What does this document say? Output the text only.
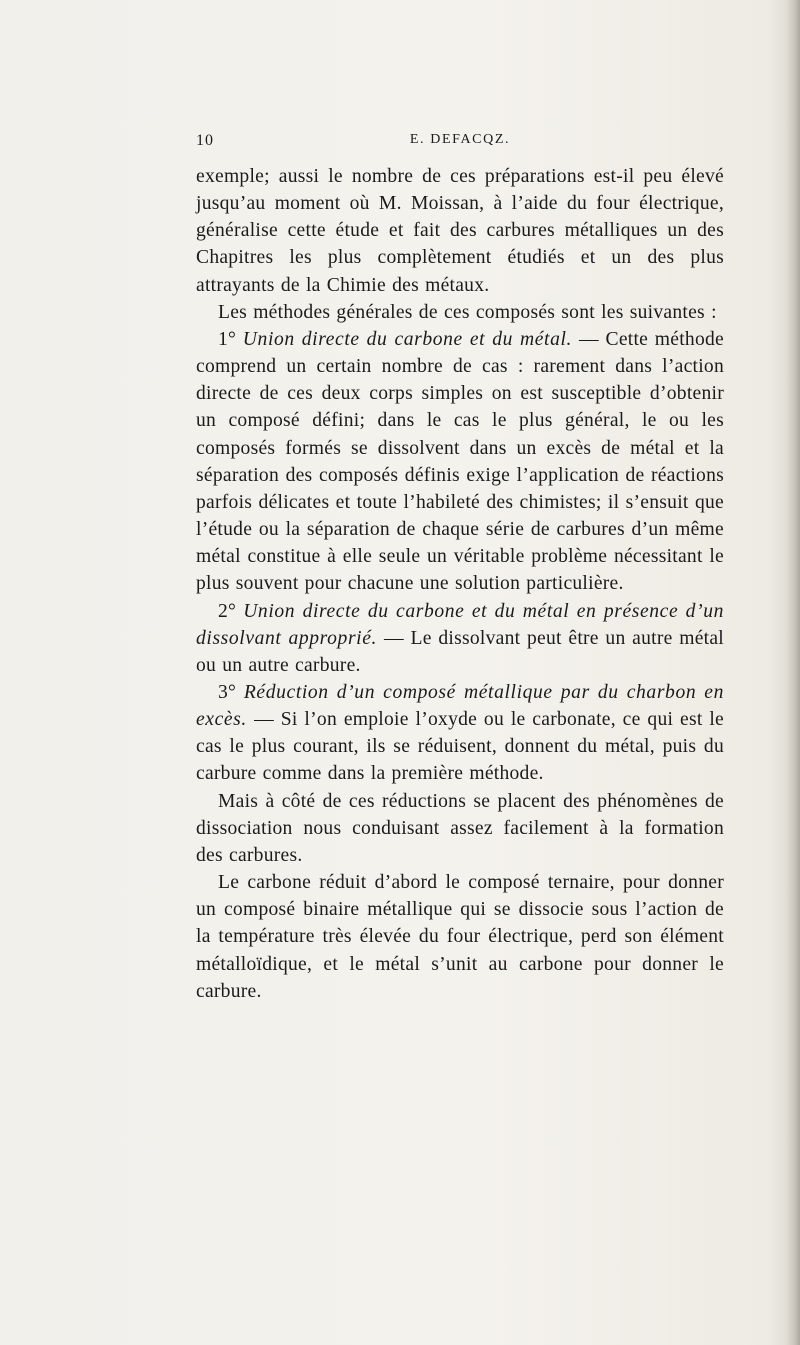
10	E. DEFACQZ.

exemple; aussi le nombre de ces préparations est-il peu élevé jusqu’au moment où M. Moissan, à l’aide du four électrique, généralise cette étude et fait des carbures métalliques un des Chapitres les plus complètement étudiés et un des plus attrayants de la Chimie des métaux.

Les méthodes générales de ces composés sont les suivantes :

1° Union directe du carbone et du métal. — Cette méthode comprend un certain nombre de cas : rarement dans l’action directe de ces deux corps simples on est susceptible d’obtenir un composé défini; dans le cas le plus général, le ou les composés formés se dissolvent dans un excès de métal et la séparation des composés définis exige l’application de réactions parfois délicates et toute l’habileté des chimistes; il s’ensuit que l’étude ou la séparation de chaque série de carbures d’un même métal constitue à elle seule un véritable problème nécessitant le plus souvent pour chacune une solution particulière.

2° Union directe du carbone et du métal en présence d’un dissolvant approprié. — Le dissolvant peut être un autre métal ou un autre carbure.

3° Réduction d’un composé métallique par du charbon en excès. — Si l’on emploie l’oxyde ou le carbonate, ce qui est le cas le plus courant, ils se réduisent, donnent du métal, puis du carbure comme dans la première méthode.

Mais à côté de ces réductions se placent des phénomènes de dissociation nous conduisant assez facilement à la formation des carbures.

Le carbone réduit d’abord le composé ternaire, pour donner un composé binaire métallique qui se dissocie sous l’action de la température très élevée du four électrique, perd son élément métalloïdique, et le métal s’unit au carbone pour donner le carbure.
